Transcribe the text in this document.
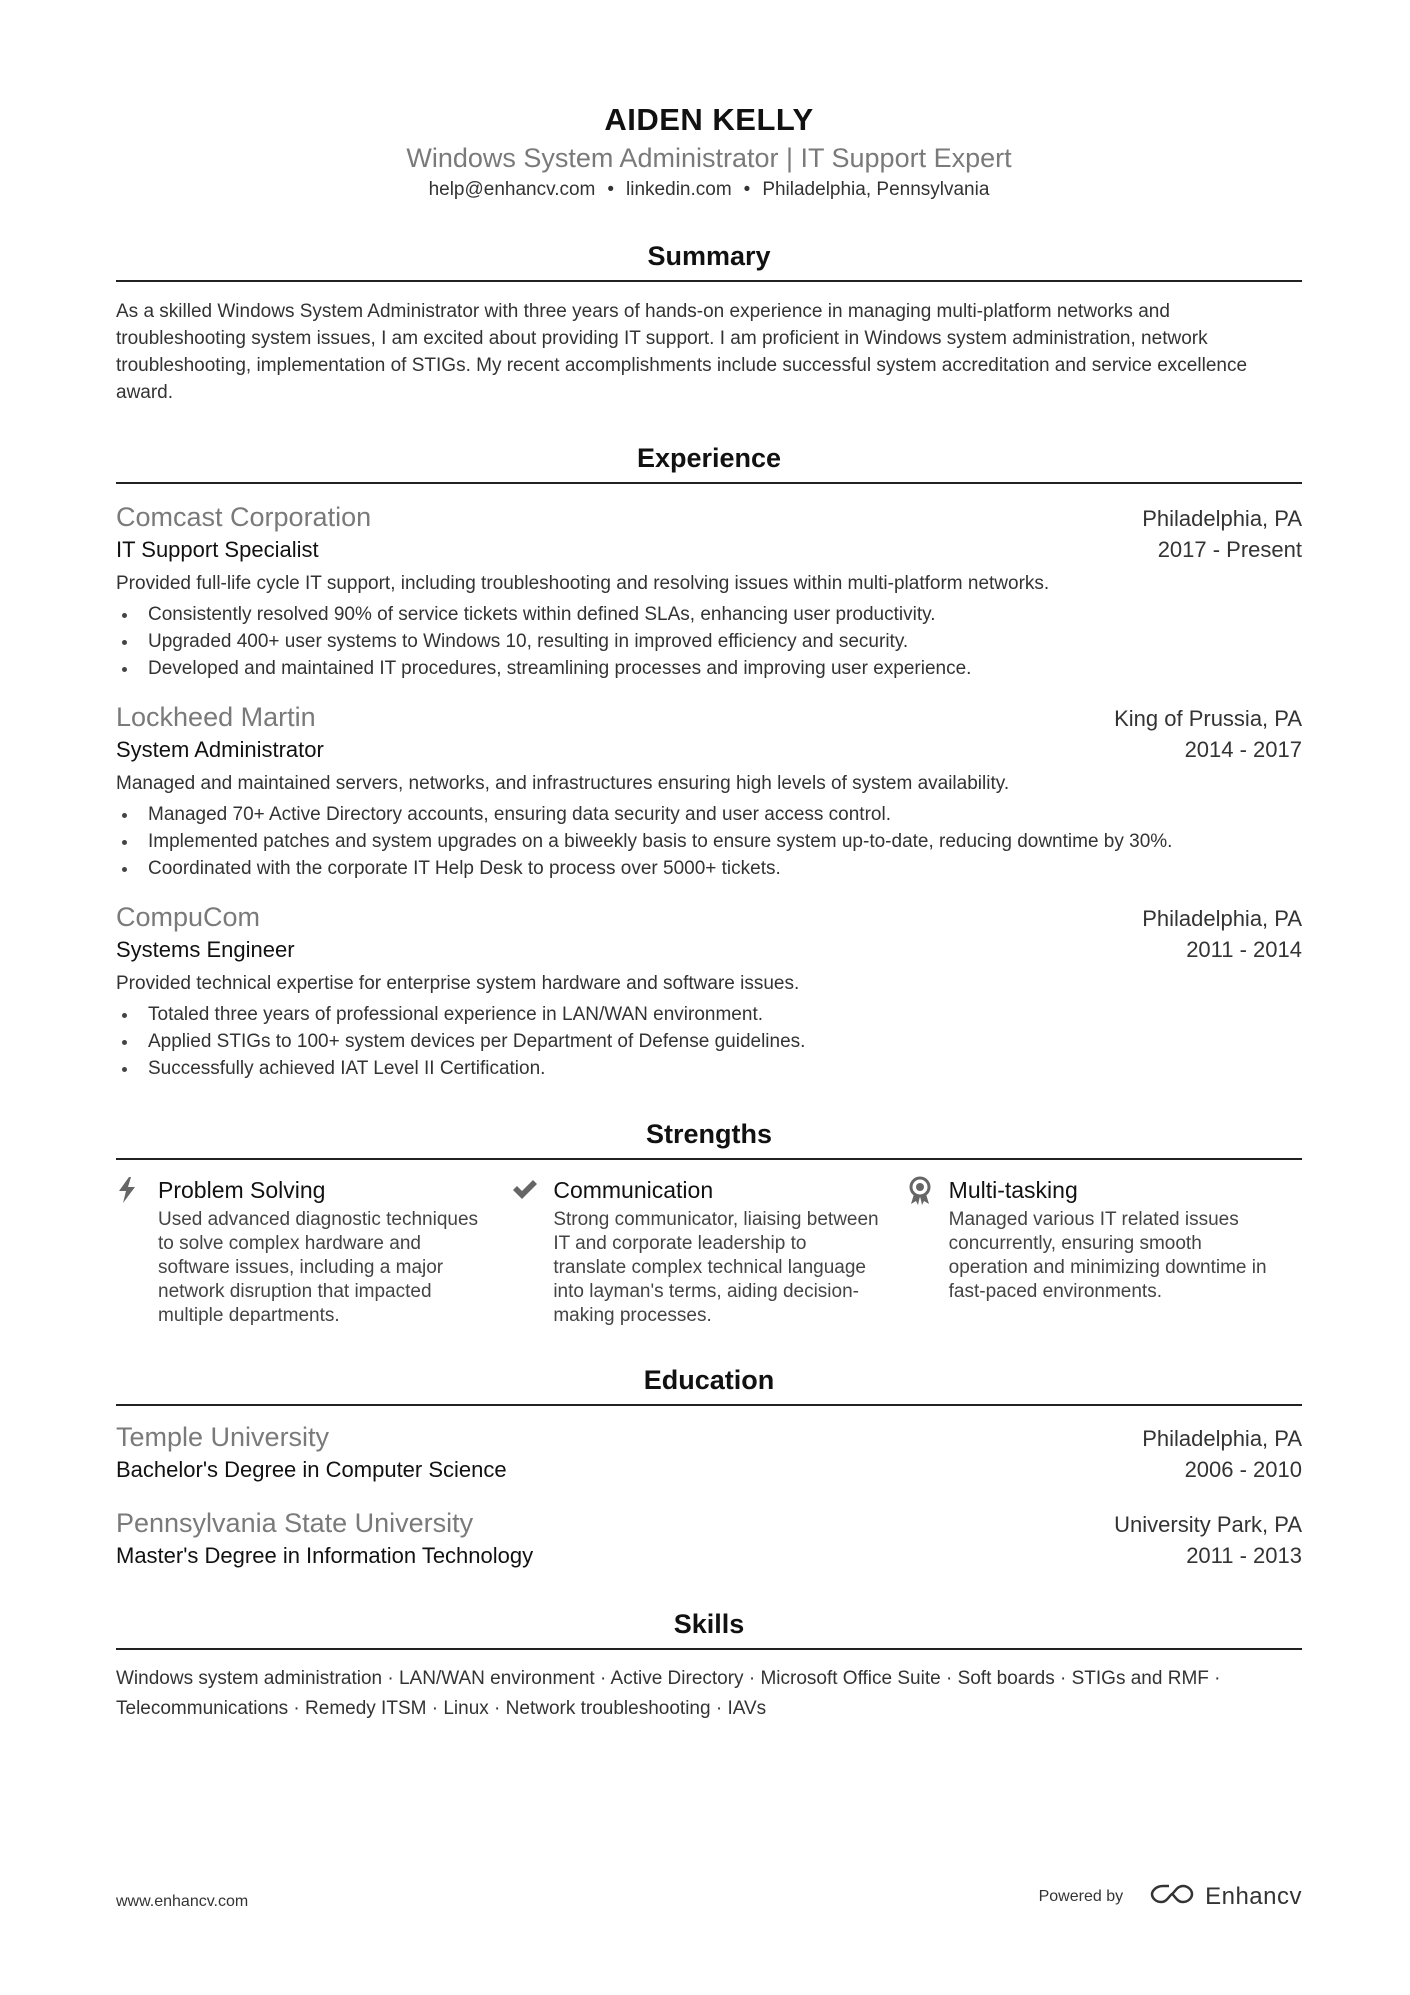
AIDEN KELLY
Windows System Administrator | IT Support Expert
help@enhancv.com • linkedin.com • Philadelphia, Pennsylvania
Summary
As a skilled Windows System Administrator with three years of hands-on experience in managing multi-platform networks and troubleshooting system issues, I am excited about providing IT support. I am proficient in Windows system administration, network troubleshooting, implementation of STIGs. My recent accomplishments include successful system accreditation and service excellence award.
Experience
Comcast Corporation	Philadelphia, PA
IT Support Specialist	2017 - Present
Provided full-life cycle IT support, including troubleshooting and resolving issues within multi-platform networks.
Consistently resolved 90% of service tickets within defined SLAs, enhancing user productivity.
Upgraded 400+ user systems to Windows 10, resulting in improved efficiency and security.
Developed and maintained IT procedures, streamlining processes and improving user experience.
Lockheed Martin	King of Prussia, PA
System Administrator	2014 - 2017
Managed and maintained servers, networks, and infrastructures ensuring high levels of system availability.
Managed 70+ Active Directory accounts, ensuring data security and user access control.
Implemented patches and system upgrades on a biweekly basis to ensure system up-to-date, reducing downtime by 30%.
Coordinated with the corporate IT Help Desk to process over 5000+ tickets.
CompuCom	Philadelphia, PA
Systems Engineer	2011 - 2014
Provided technical expertise for enterprise system hardware and software issues.
Totaled three years of professional experience in LAN/WAN environment.
Applied STIGs to 100+ system devices per Department of Defense guidelines.
Successfully achieved IAT Level II Certification.
Strengths
Problem Solving
Used advanced diagnostic techniques to solve complex hardware and software issues, including a major network disruption that impacted multiple departments.
Communication
Strong communicator, liaising between IT and corporate leadership to translate complex technical language into layman's terms, aiding decision-making processes.
Multi-tasking
Managed various IT related issues concurrently, ensuring smooth operation and minimizing downtime in fast-paced environments.
Education
Temple University	Philadelphia, PA
Bachelor's Degree in Computer Science	2006 - 2010
Pennsylvania State University	University Park, PA
Master's Degree in Information Technology	2011 - 2013
Skills
Windows system administration · LAN/WAN environment · Active Directory · Microsoft Office Suite · Soft boards · STIGs and RMF · Telecommunications · Remedy ITSM · Linux · Network troubleshooting · IAVs
www.enhancv.com	Powered by	Enhancv
